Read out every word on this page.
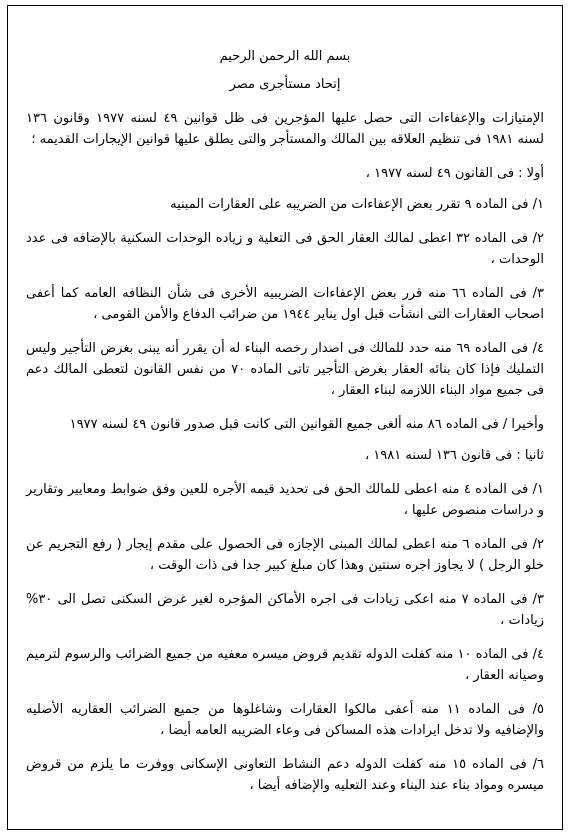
بسم الله الرحمن الرحيم
إتحاد مستأجرى مصر

الإمتيازات والإعفاءات التى حصل عليها المؤجرين فى ظل قوانين ٤٩ لسنه ١٩٧٧ وقانون ١٣٦ لسنه ١٩٨١ فى تنظيم العلاقه بين المالك والمستأجر والتى يطلق عليها قوانين الإيجارات القديمه ؛

أولا : فى القانون ٤٩ لسنه ١٩٧٧ ،

١/ فى الماده ٩ تقرر بعض الإعفاءات من الضريبه على العقارات المبنيه

٢/ فى الماده ٣٢ اعطى لمالك العقار الحق فى التعلية و زياده الوحدات السكنية بالإضافه فى عدد الوحدات ،

٣/ فى الماده ٦٦ منه قرر بعض الإعفاءات الضريبيه الأخرى فى شأن النظافه العامه كما أعفى اصحاب العقارات التى انشأت قبل اول يناير ١٩٤٤ من ضرائب الدفاع والأمن القومى ،

٤/ فى الماده ٦٩ منه حدد للمالك فى اصدار رخصه البناء له أن يقرر أنه يبنى بغرض التأجير وليس التمليك فإذا كان بنائه العقار بغرض التأجير تاتى الماده ٧٠ من نفس القانون لتعطى المالك دعم فى جميع مواد البناء اللازمه لبناء العقار ،

وأخيرا / فى الماده ٨٦ منه ألغى جميع القوانين التى كانت قبل صدور قانون ٤٩ لسنه ١٩٧٧

ثانيا : فى قانون ١٣٦ لسنه ١٩٨١ ،

١/ فى الماده ٤ منه اعطى للمالك الحق فى تحديد قيمه الأجره للعين وفق ضوابط ومعايير وتقارير و دراسات منصوص عليها ،

٢/ فى الماده ٦ منه اعطى لمالك المبنى الإجازه فى الحصول على مقدم إيجار ( رفع التجريم عن خلو الرجل ) لا يجاوز اجره سنتين وهذا كان مبلغ كبير جدا فى ذات الوقت ،

٣/ فى الماده ٧ منه اعكى زيادات فى اجره الأماكن المؤجره لغير غرض السكنى تصل الى ٣٠% زيادات ،

٤/ فى الماده ١٠ منه كفلت الدوله تقديم قروض ميسره معفيه من جميع الضرائب والرسوم لترميم وصيانه العقار ،

٥/ فى الماده ١١ منه أعفى مالكوا العقارات وشاغلوها من جميع الضرائب العقاريه الأصليه والإضافيه ولا تدخل ايرادات هذه المساكن فى وعاء الضريبه العامه أيضا ،

٦/ فى الماده ١٥ منه كفلت الدوله دعم النشاط التعاونى الإسكانى ووفرت ما يلزم من قروض ميسره ومواد بناء عند البناء وعند التعليه والإضافه أيضا ،
